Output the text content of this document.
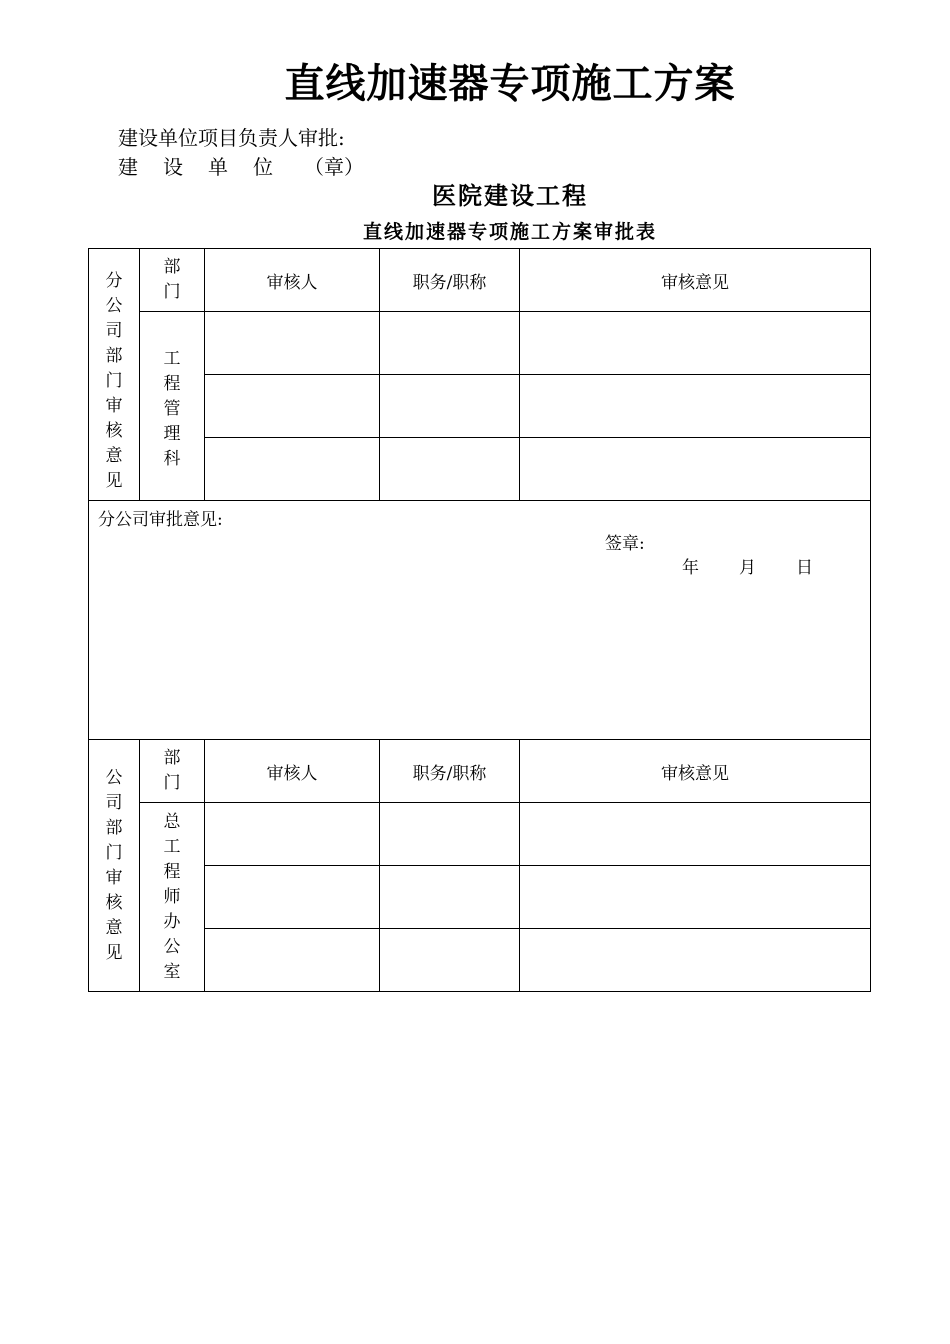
直线加速器专项施工方案
建设单位项目负责人审批:
建 设 单 位 （章）
医院建设工程
直线加速器专项施工方案审批表
分公司部门审核意见	部门	审核人	职务/职称	审核意见
	工程管理科			

分公司审批意见:
签章:
年 月 日				

公司部门审核意见	部门	审核人	职务/职称	审核意见
	总工程师办公室			
